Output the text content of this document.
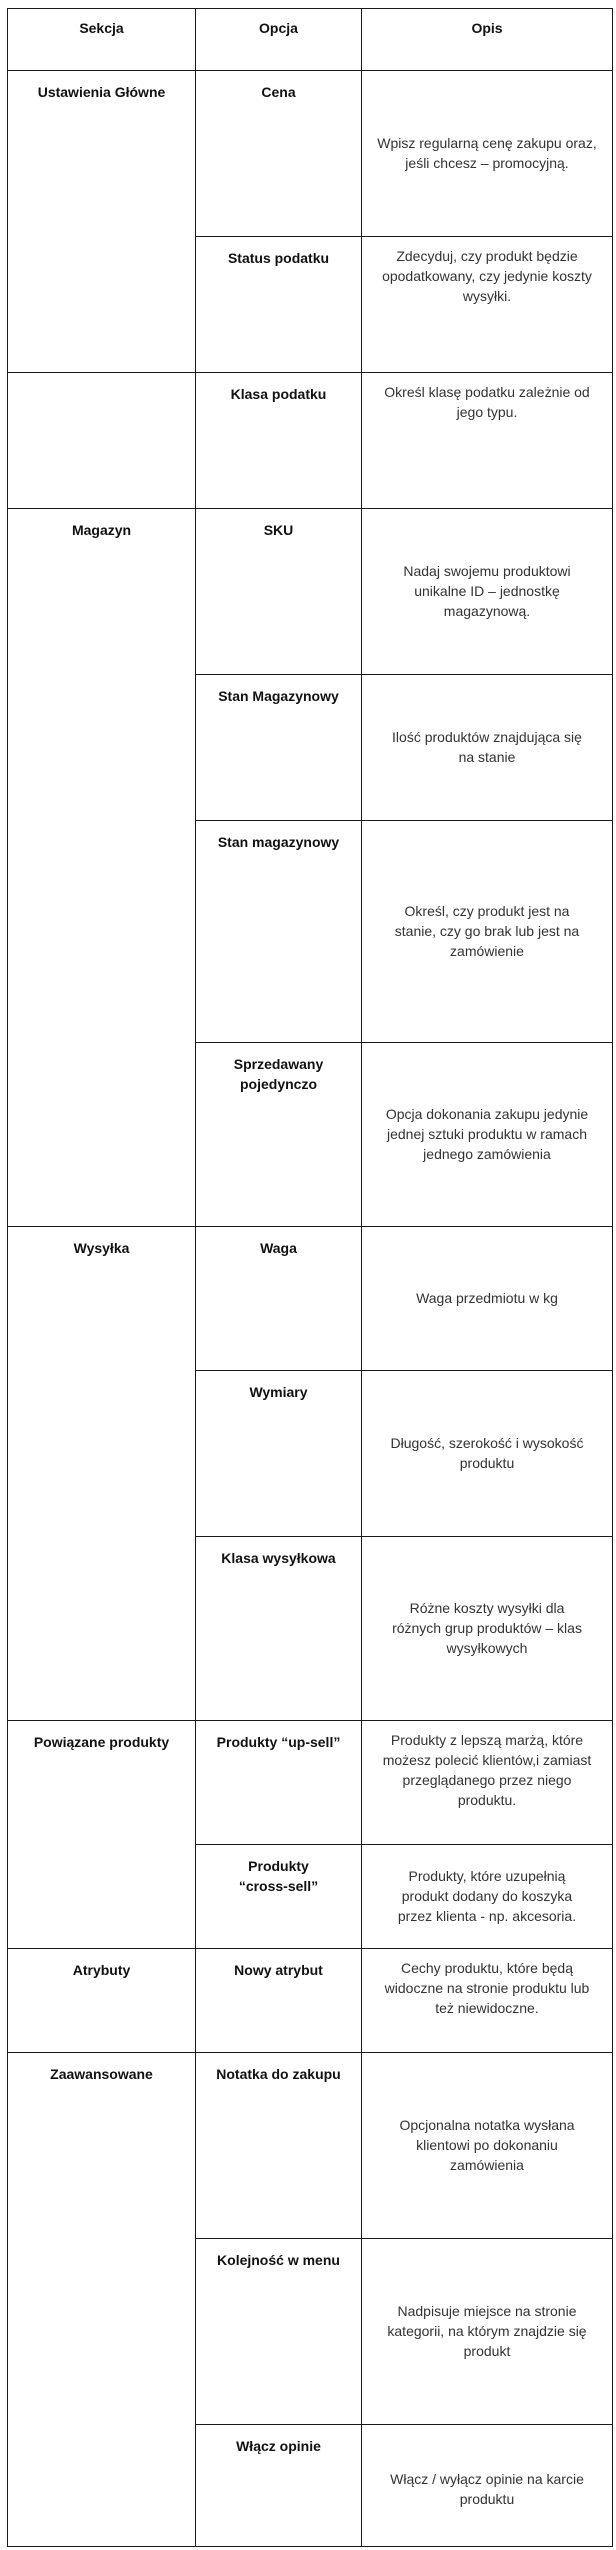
Sekcja	Opcja	Opis
Ustawienia Główne
Magazyn
Wysyłka
Powiązane produkty
Atrybuty
Zaawansowane
Cena
Status podatku
Klasa podatku
SKU
Stan Magazynowy
Stan magazynowy
Sprzedawany pojedynczo
Waga
Wymiary
Klasa wysyłkowa
Produkty “up-sell”
Produkty “cross-sell”
Nowy atrybut
Notatka do zakupu
Kolejność w menu
Włącz opinie
Wpisz regularną cenę zakupu oraz, jeśli chcesz – promocyjną.
Zdecyduj, czy produkt będzie opodatkowany, czy jedynie koszty wysyłki.
Określ klasę podatku zależnie od jego typu.
Nadaj swojemu produktowi unikalne ID – jednostkę magazynową.
Ilość produktów znajdująca się na stanie
Określ, czy produkt jest na stanie, czy go brak lub jest na zamówienie
Opcja dokonania zakupu jedynie jednej sztuki produktu w ramach jednego zamówienia
Waga przedmiotu w kg
Długość, szerokość i wysokość produktu
Różne koszty wysyłki dla różnych grup produktów – klas wysyłkowych
Produkty z lepszą marżą, które możesz polecić klientów,i zamiast przeglądanego przez niego produktu.
Produkty, które uzupełnią produkt dodany do koszyka przez klienta - np. akcesoria.
Cechy produktu, które będą widoczne na stronie produktu lub też niewidoczne.
Opcjonalna notatka wysłana klientowi po dokonaniu zamówienia
Nadpisuje miejsce na stronie kategorii, na którym znajdzie się produkt
Włącz / wyłącz opinie na karcie produktu
